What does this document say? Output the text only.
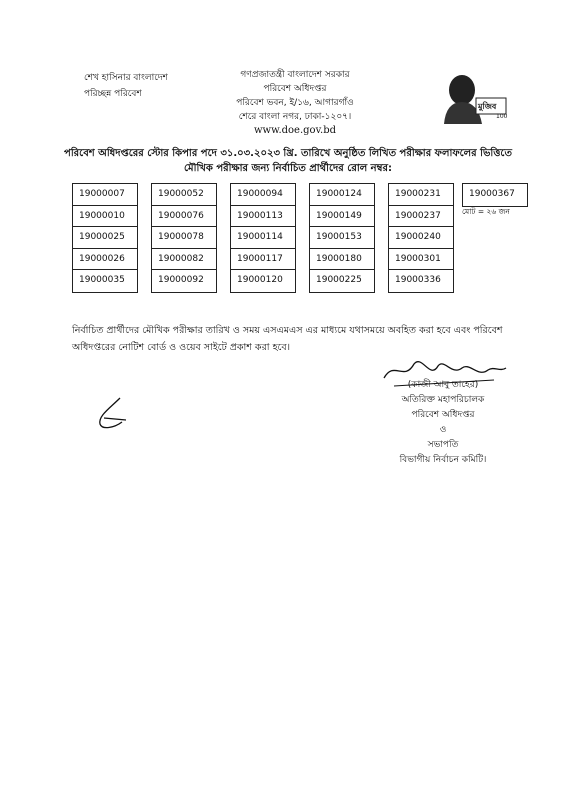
শেখ হাসিনার বাংলাদেশ
পরিচ্ছন্ন পরিবেশ
গণপ্রজাতন্ত্রী বাংলাদেশ সরকার
পরিবেশ অধিদপ্তর
পরিবেশ ভবন, ই/১৬, আগারগাঁও
শেরে বাংলা নগর, ঢাকা-১২০৭।
www.doe.gov.bd
মুজিব
100
পরিবেশ অধিদপ্তরের স্টোর কিপার পদে ৩১.০৩.২০২৩ খ্রি. তারিখে অনুষ্ঠিত লিখিত পরীক্ষার ফলাফলের ভিত্তিতে
মৌখিক পরীক্ষার জন্য নির্বাচিত প্রার্থীদের রোল নম্বর:
19000007
19000010
19000025
19000026
19000035
19000052
19000076
19000078
19000082
19000092
19000094
19000113
19000114
19000117
19000120
19000124
19000149
19000153
19000180
19000225
19000231
19000237
19000240
19000301
19000336
19000367
মোট = ২৬ জন
নির্বাচিত প্রার্থীদের মৌখিক পরীক্ষার তারিখ ও সময় এসএমএস এর মাধ্যমে যথাসময়ে অবহিত করা হবে এবং পরিবেশ অধিদপ্তরের নোটিশ বোর্ড ও ওয়েব সাইটে প্রকাশ করা হবে।
(কাজী আবু তাহের)
অতিরিক্ত মহাপরিচালক
পরিবেশ অধিদপ্তর
ও
সভাপতি
বিভাগীয় নির্বাচন কমিটি।
